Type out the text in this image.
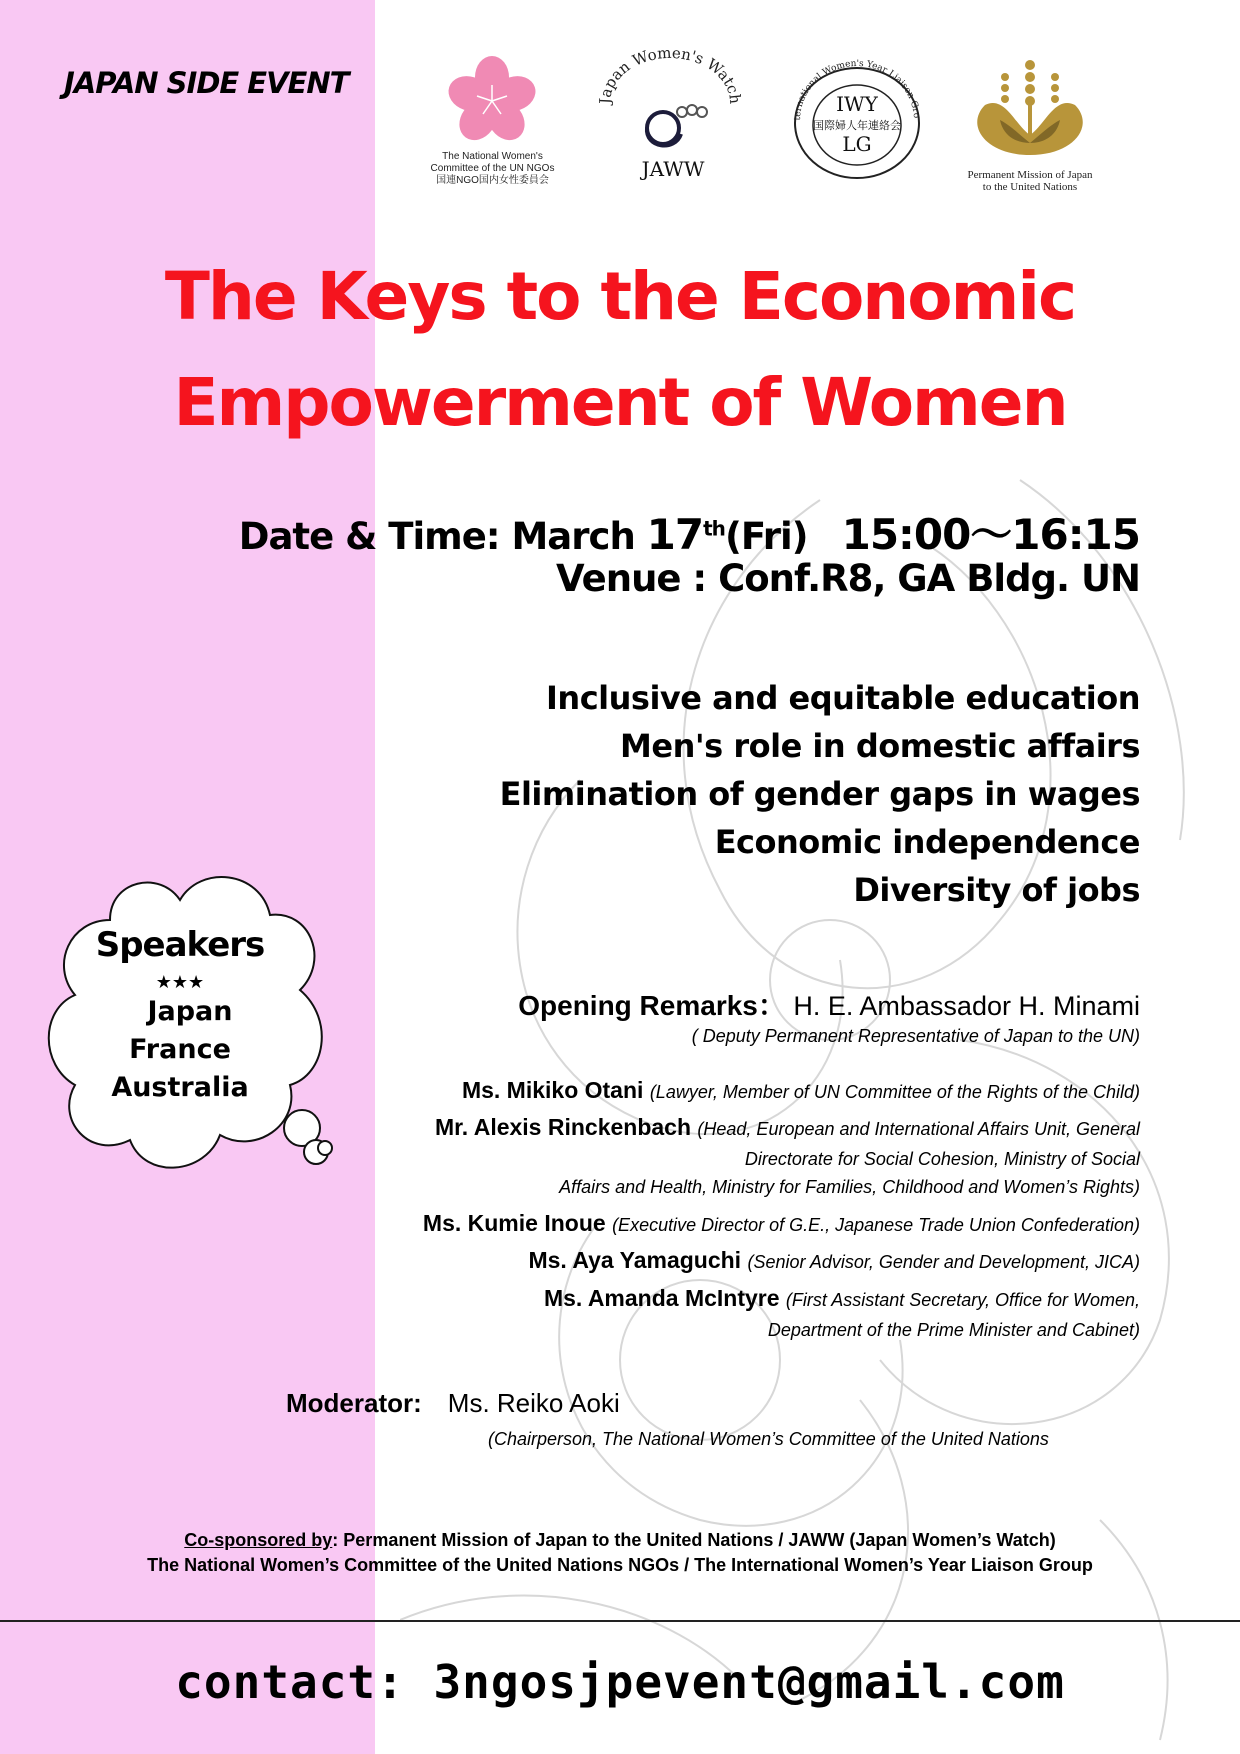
JAPAN SIDE EVENT
The National Women's
Committee of the UN NGOs
国連NGO国内女性委員会
Japan Women's Watch
JAWW
ternational Women's Year Liaison Gro
IWY
国際婦人年連絡会
LG
Permanent Mission of Japan
to the United Nations
The Keys to the Economic
Empowerment of Women
Date & Time: March 17th(Fri) 15:00～16:15
Venue : Conf.R8, GA Bldg. UN
Inclusive and equitable education
Men's role in domestic affairs
Elimination of gender gaps in wages
Economic independence
Diversity of jobs
Speakers
★★★
Japan
France
Australia
Opening Remarks： H. E. Ambassador H. Minami
( Deputy Permanent Representative of Japan to the UN)
Ms. Mikiko Otani (Lawyer, Member of UN Committee of the Rights of the Child)
Mr. Alexis Rinckenbach (Head, European and International Affairs Unit, General
Directorate for Social Cohesion, Ministry of Social
Affairs and Health, Ministry for Families, Childhood and Women’s Rights)
Ms. Kumie Inoue (Executive Director of G.E., Japanese Trade Union Confederation)
Ms. Aya Yamaguchi (Senior Advisor, Gender and Development, JICA)
Ms. Amanda McIntyre (First Assistant Secretary, Office for Women,
Department of the Prime Minister and Cabinet)
Moderator: Ms. Reiko Aoki
(Chairperson, The National Women’s Committee of the United Nations
Co-sponsored by: Permanent Mission of Japan to the United Nations / JAWW (Japan Women’s Watch)
The National Women’s Committee of the United Nations NGOs / The International Women’s Year Liaison Group
contact: 3ngosjpevent@gmail.com
